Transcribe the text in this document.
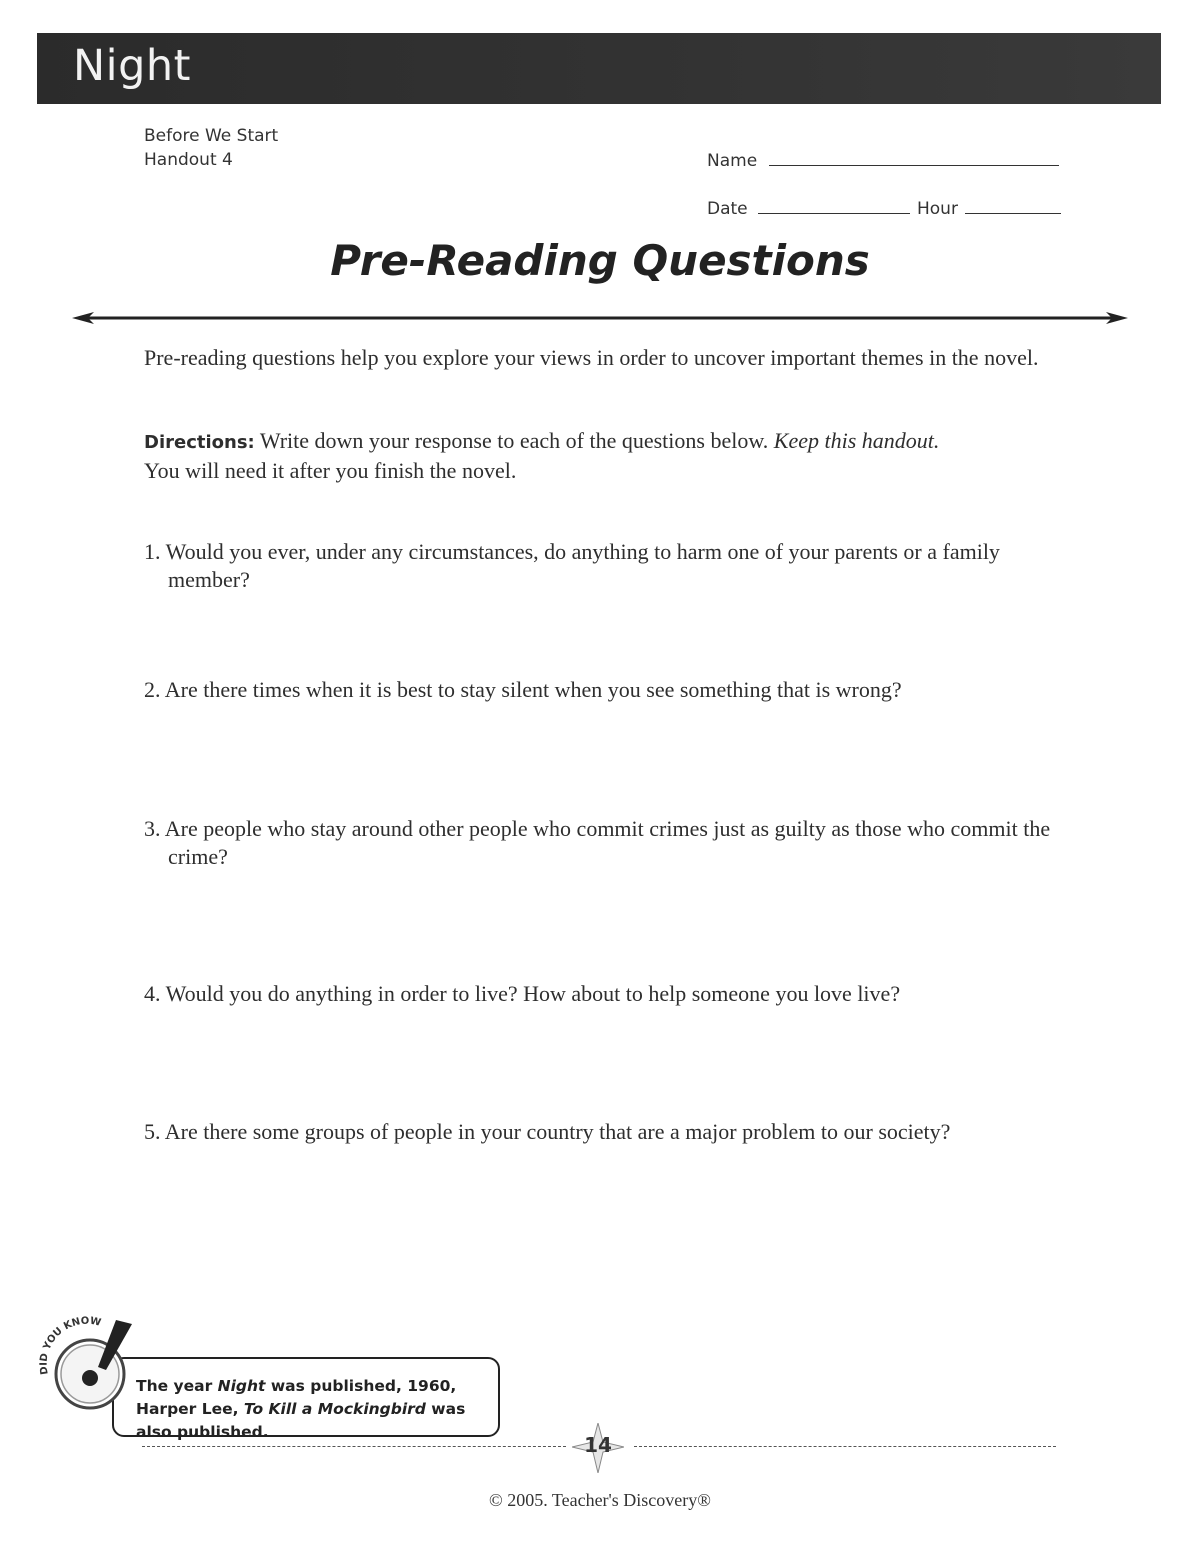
Night
Before We Start
Handout 4	Name
Date	Hour
Pre-Reading Questions
Pre-reading questions help you explore your views in order to uncover important themes in the novel.
Directions: Write down your response to each of the questions below. Keep this handout.
You will need it after you finish the novel.
1. Would you ever, under any circumstances, do anything to harm one of your parents or a family member?
2. Are there times when it is best to stay silent when you see something that is wrong?
3. Are people who stay around other people who commit crimes just as guilty as those who commit the crime?
4. Would you do anything in order to live? How about to help someone you love live?
5. Are there some groups of people in your country that are a major problem to our society?
The year Night was published, 1960, Harper Lee, To Kill a Mockingbird was also published.
DID YOU KNOW
14
© 2005. Teacher's Discovery®
